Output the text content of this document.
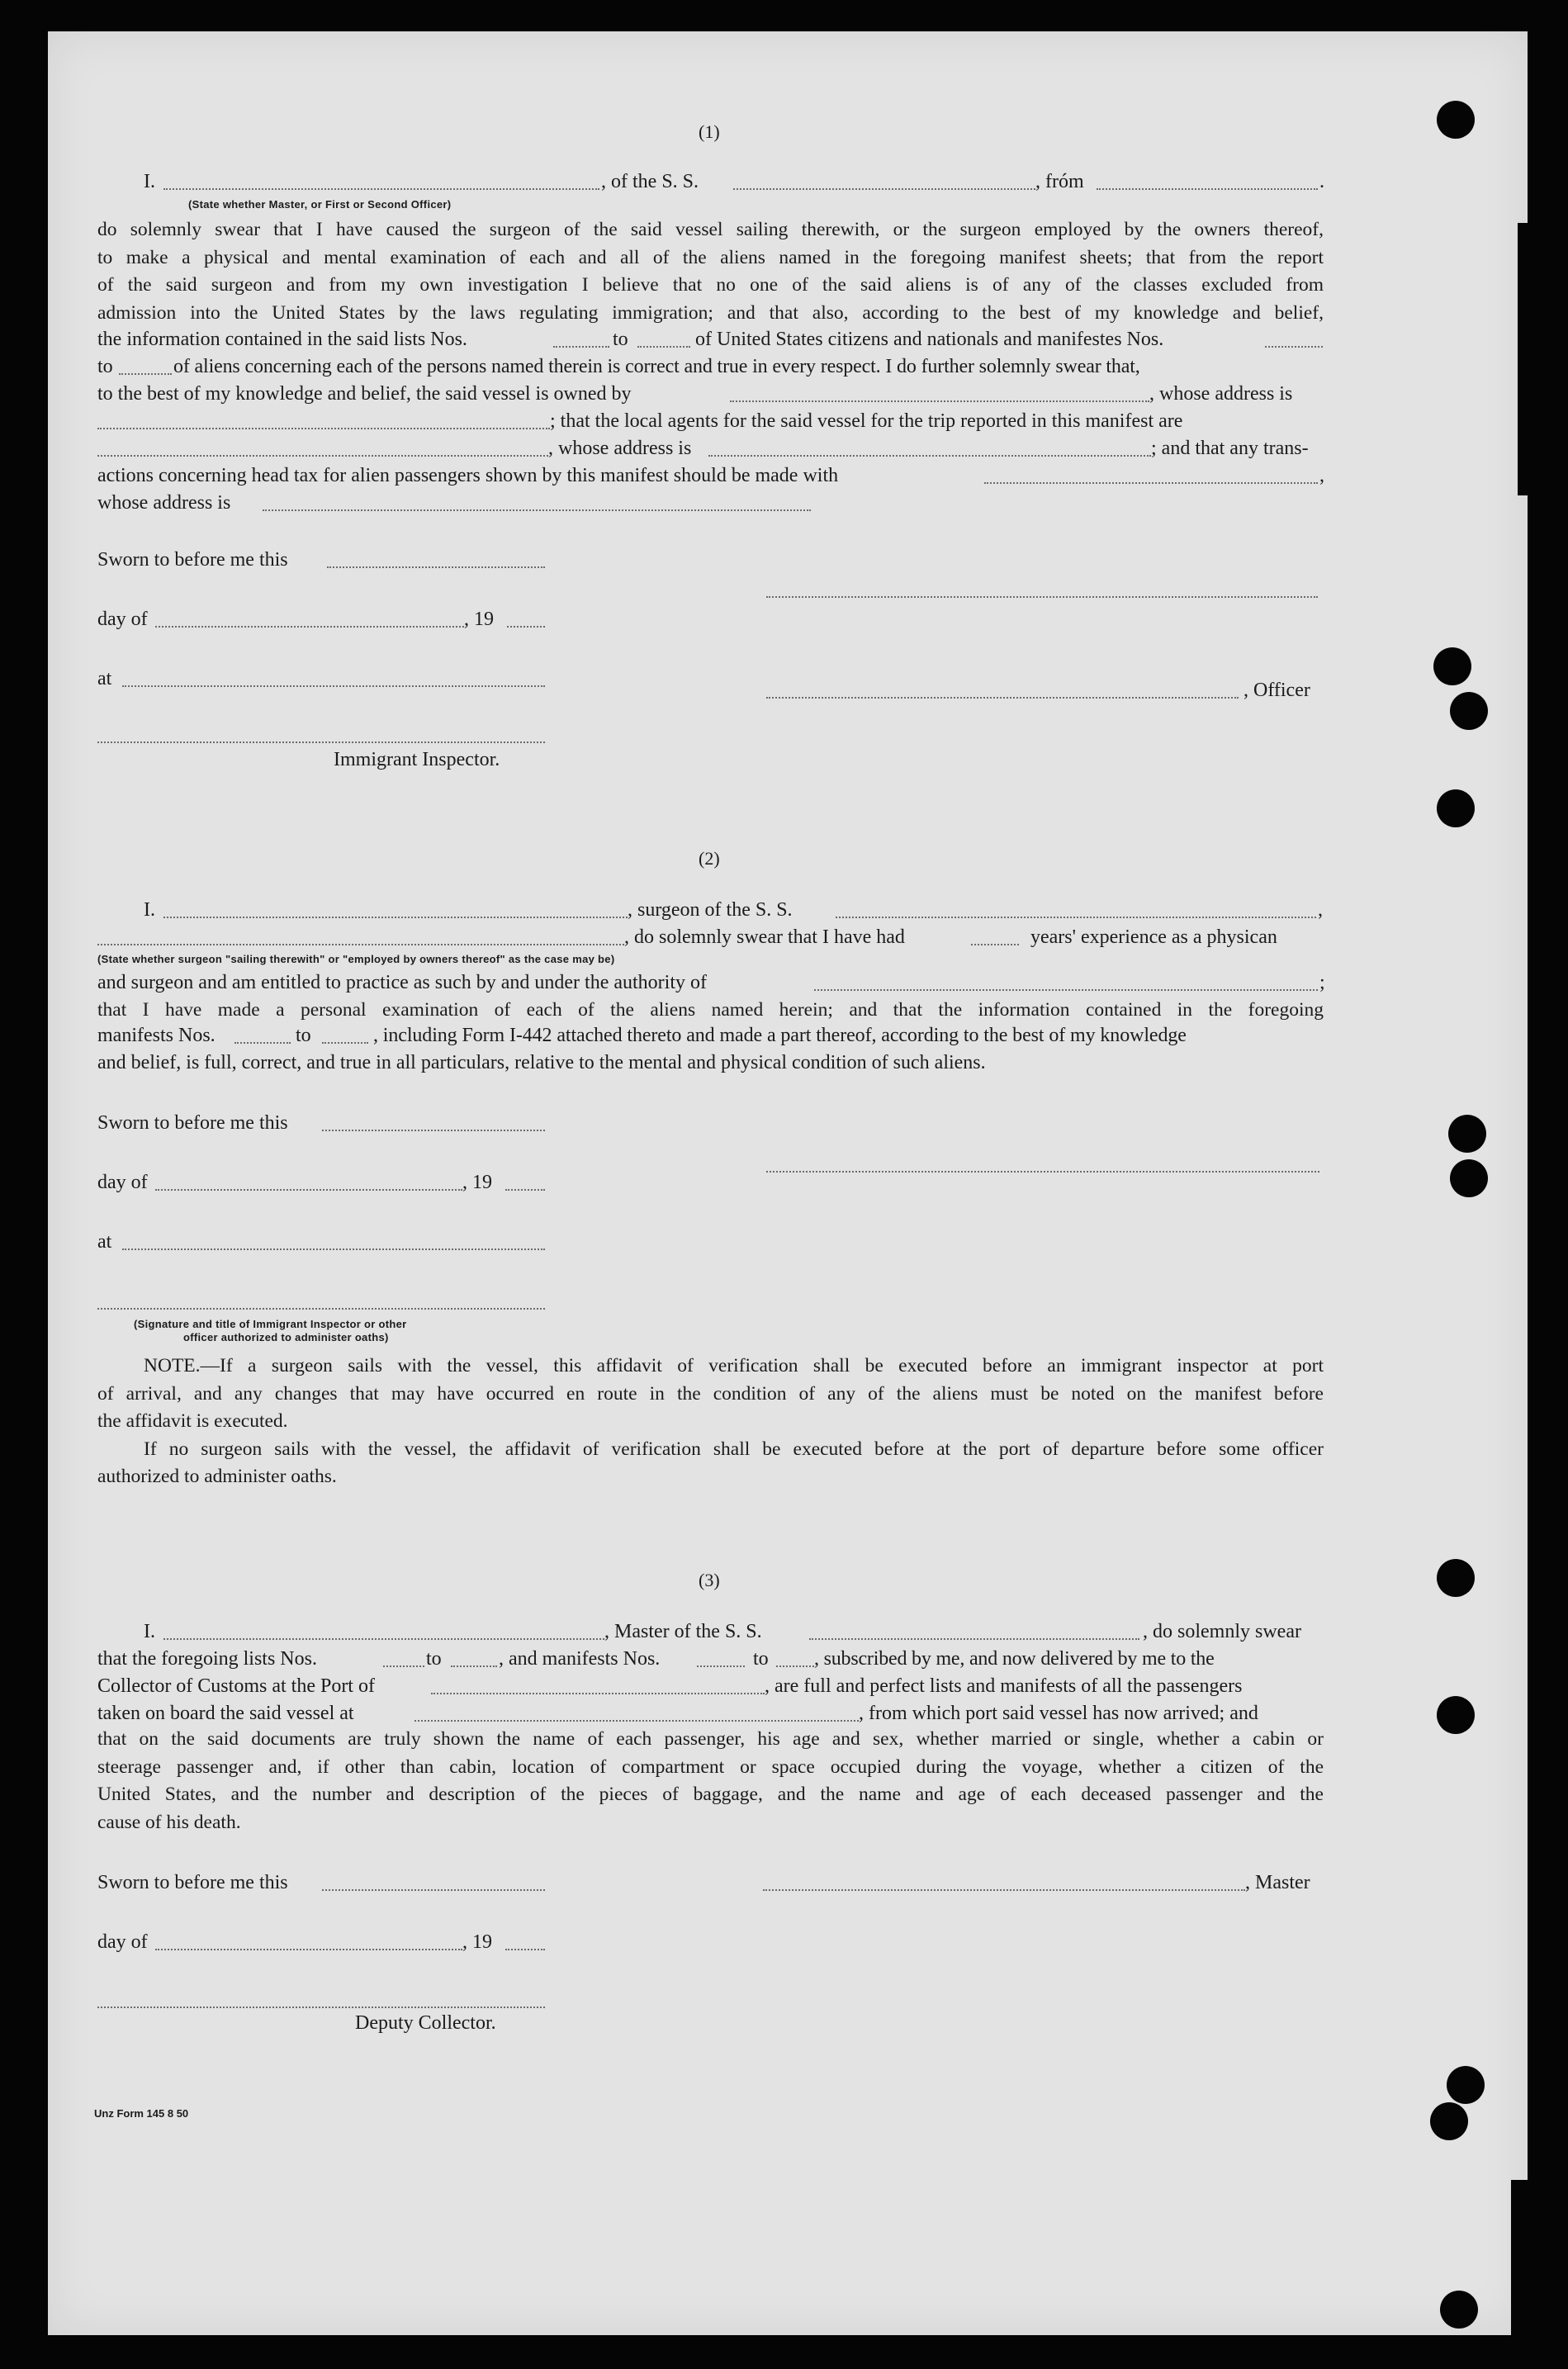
(1)
I.	, of the S. S.	, fróm	.
(State whether Master, or First or Second Officer)
do solemnly swear that I have caused the surgeon of the said vessel sailing therewith, or the surgeon employed by the owners thereof,
to make a physical and mental examination of each and all of the aliens named in the foregoing manifest sheets; that from the report
of the said surgeon and from my own investigation I believe that no one of the said aliens is of any of the classes excluded from
admission into the United States by the laws regulating immigration; and that also, according to the best of my knowledge and belief,
the information contained in the said lists Nos.	to	of United States citizens and nationals and manifestes Nos.
to	of aliens concerning each of the persons named therein is correct and true in every respect. I do further solemnly swear that,
to the best of my knowledge and belief, the said vessel is owned by	, whose address is
; that the local agents for the said vessel for the trip reported in this manifest are
, whose address is	; and that any trans-
actions concerning head tax for alien passengers shown by this manifest should be made with	,
whose address is
Sworn to before me this
day of	, 19
at
, Officer
Immigrant Inspector.
(2)
I.	, surgeon of the S. S.	,
, do solemnly swear that I have had	years' experience as a physican
(State whether surgeon "sailing therewith" or "employed by owners thereof" as the case may be)
and surgeon and am entitled to practice as such by and under the authority of	;
that I have made a personal examination of each of the aliens named herein; and that the information contained in the foregoing
manifests Nos.	to	, including Form I-442 attached thereto and made a part thereof, according to the best of my knowledge
and belief, is full, correct, and true in all particulars, relative to the mental and physical condition of such aliens.
Sworn to before me this
day of	, 19
at
(Signature and title of Immigrant Inspector or other
officer authorized to administer oaths)
NOTE.—If a surgeon sails with the vessel, this affidavit of verification shall be executed before an immigrant inspector at port
of arrival, and any changes that may have occurred en route in the condition of any of the aliens must be noted on the manifest before
the affidavit is executed.
If no surgeon sails with the vessel, the affidavit of verification shall be executed before at the port of departure before some officer
authorized to administer oaths.
(3)
I.	, Master of the S. S.	, do solemnly swear
that the foregoing lists Nos.	to	, and manifests Nos.	to , subscribed by me, and now delivered by me to the
Collector of Customs at the Port of	, are full and perfect lists and manifests of all the passengers
taken on board the said vessel at	, from which port said vessel has now arrived; and
that on the said documents are truly shown the name of each passenger, his age and sex, whether married or single, whether a cabin or
steerage passenger and, if other than cabin, location of compartment or space occupied during the voyage, whether a citizen of the
United States, and the number and description of the pieces of baggage, and the name and age of each deceased passenger and the
cause of his death.
Sworn to before me this	, Master
day of	, 19
Deputy Collector.
Unz Form 145 8 50
